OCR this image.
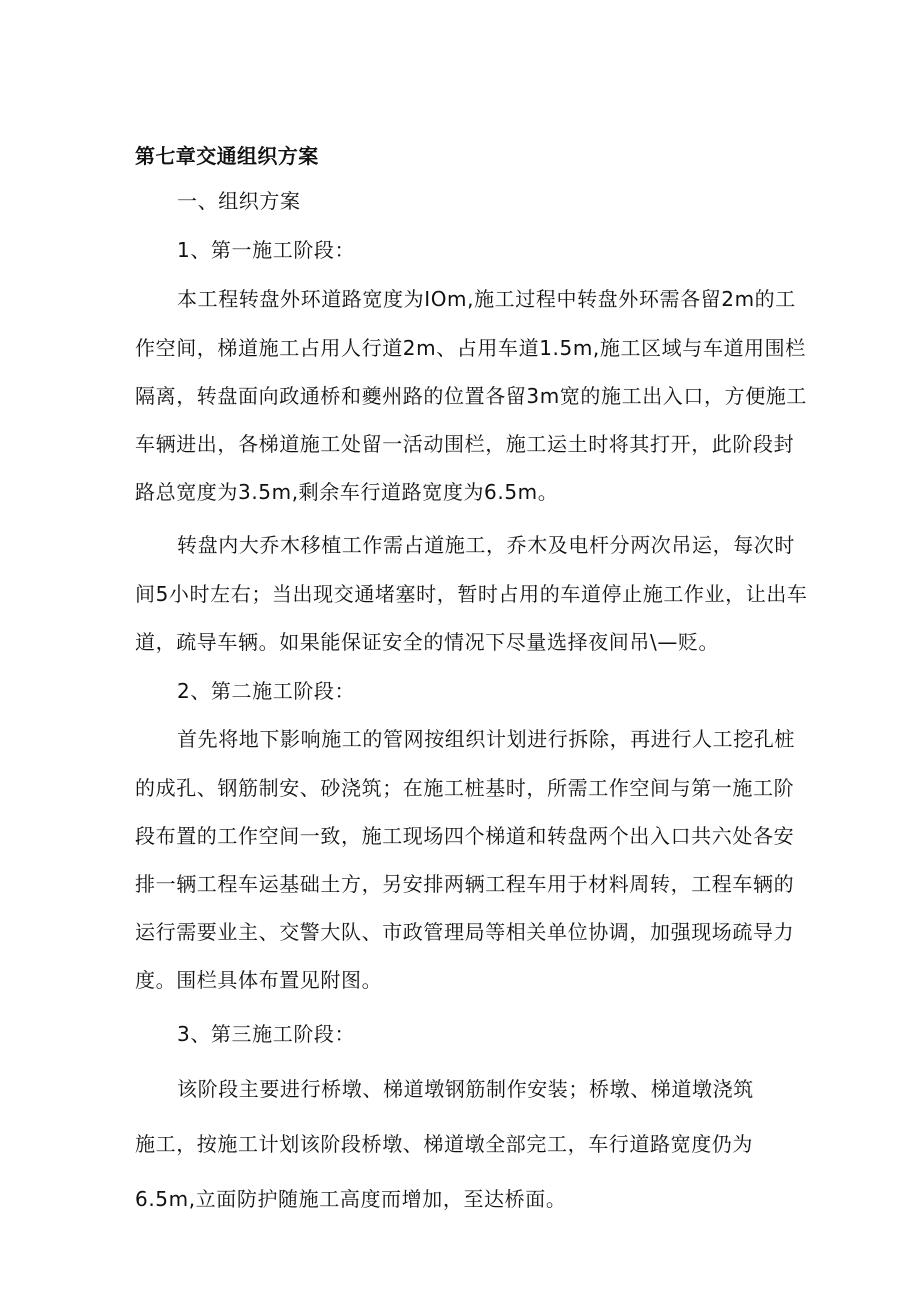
第七章交通组织方案

一、组织方案

1、第一施工阶段：

本工程转盘外环道路宽度为IOm,施工过程中转盘外环需各留2m的工

作空间，梯道施工占用人行道2m、占用车道1.5m,施工区域与车道用围栏

隔离，转盘面向政通桥和夔州路的位置各留3m宽的施工出入口，方便施工

车辆进出，各梯道施工处留一活动围栏，施工运土时将其打开，此阶段封

路总宽度为3.5m,剩余车行道路宽度为6.5m。

转盘内大乔木移植工作需占道施工，乔木及电杆分两次吊运，每次时

间5小时左右；当出现交通堵塞时，暂时占用的车道停止施工作业，让出车

道，疏导车辆。如果能保证安全的情况下尽量选择夜间吊\—贬。

2、第二施工阶段：

首先将地下影响施工的管网按组织计划进行拆除，再进行人工挖孔桩

的成孔、钢筋制安、砂浇筑；在施工桩基时，所需工作空间与第一施工阶

段布置的工作空间一致，施工现场四个梯道和转盘两个出入口共六处各安

排一辆工程车运基础土方，另安排两辆工程车用于材料周转，工程车辆的

运行需要业主、交警大队、市政管理局等相关单位协调，加强现场疏导力

度。围栏具体布置见附图。

3、第三施工阶段：

该阶段主要进行桥墩、梯道墩钢筋制作安装；桥墩、梯道墩浇筑

施工，按施工计划该阶段桥墩、梯道墩全部完工，车行道路宽度仍为

6.5m,立面防护随施工高度而增加，至达桥面。
